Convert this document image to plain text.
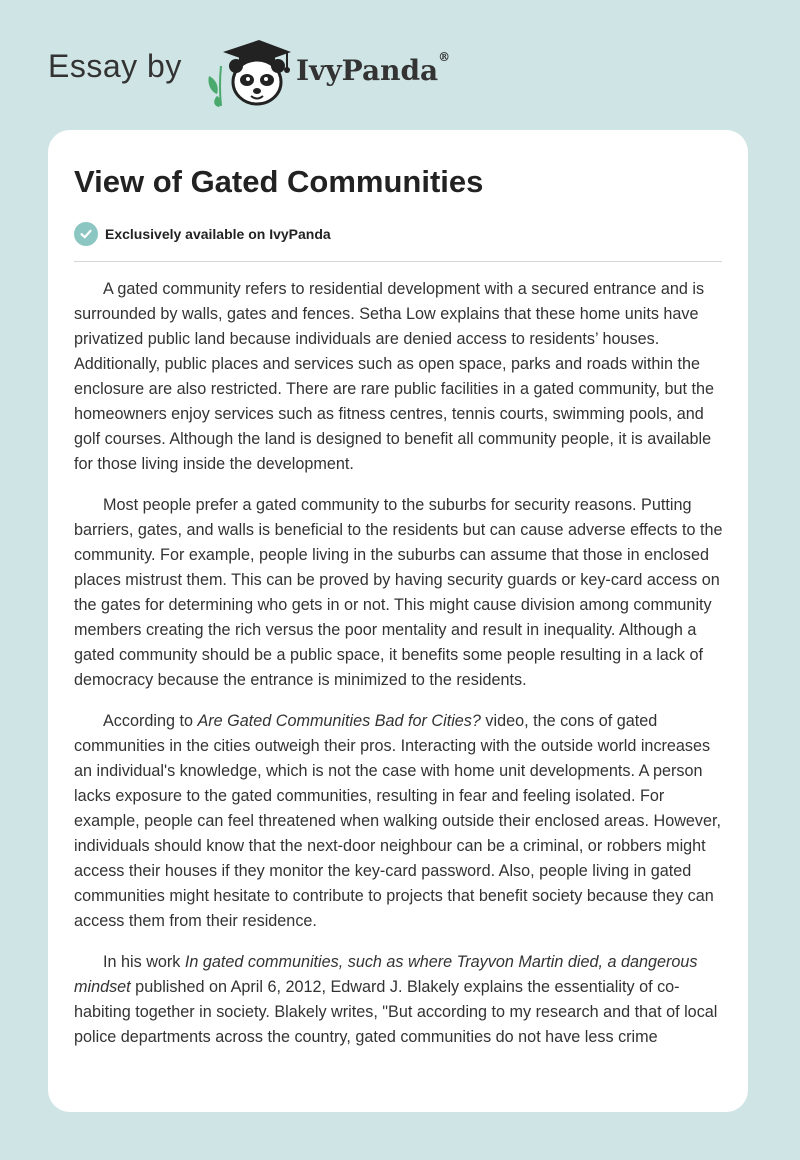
Essay by	IvyPanda®
View of Gated Communities
Exclusively available on IvyPanda

A gated community refers to residential development with a secured entrance and is surrounded by walls, gates and fences. Setha Low explains that these home units have privatized public land because individuals are denied access to residents’ houses. Additionally, public places and services such as open space, parks and roads within the enclosure are also restricted. There are rare public facilities in a gated community, but the homeowners enjoy services such as fitness centres, tennis courts, swimming pools, and golf courses. Although the land is designed to benefit all community people, it is available for those living inside the development.

Most people prefer a gated community to the suburbs for security reasons. Putting barriers, gates, and walls is beneficial to the residents but can cause adverse effects to the community. For example, people living in the suburbs can assume that those in enclosed places mistrust them. This can be proved by having security guards or key-card access on the gates for determining who gets in or not. This might cause division among community members creating the rich versus the poor mentality and result in inequality. Although a gated community should be a public space, it benefits some people resulting in a lack of democracy because the entrance is minimized to the residents.

According to Are Gated Communities Bad for Cities? video, the cons of gated communities in the cities outweigh their pros. Interacting with the outside world increases an individual's knowledge, which is not the case with home unit developments. A person lacks exposure to the gated communities, resulting in fear and feeling isolated. For example, people can feel threatened when walking outside their enclosed areas. However, individuals should know that the next-door neighbour can be a criminal, or robbers might access their houses if they monitor the key-card password. Also, people living in gated communities might hesitate to contribute to projects that benefit society because they can access them from their residence.

In his work In gated communities, such as where Trayvon Martin died, a dangerous mindset published on April 6, 2012, Edward J. Blakely explains the essentiality of co-habiting together in society. Blakely writes, "But according to my research and that of local police departments across the country, gated communities do not have less crime
